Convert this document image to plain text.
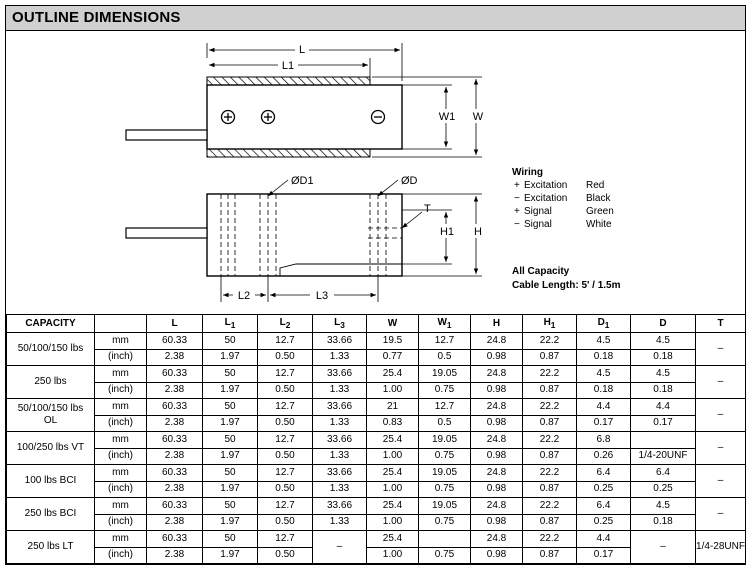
OUTLINE DIMENSIONS
L
L1
W1 W
ØD1	ØD
T
H1 H
L2	L3
Wiring
+ Excitation Red
− Excitation Black
+ Signal	Green
− Signal	White
All Capacity
Cable Length: 5' / 1.5m
CAPACITY		L	$L_1$	$L_2$	$L_3$	W	$W_1$	H	$H_1$	$D_1$	D	T
50/100/150 lbs	mm	60.33	50	12.7	33.66	19.5	12.7	24.8	22.2	4.5	4.5	–
	(inch)	2.38	1.97	0.50	1.33	0.77	0.5	0.98	0.87	0.18	0.18	
250 lbs	mm	60.33	50	12.7	33.66	25.4	19.05	24.8	22.2	4.5	4.5	–
	(inch)	2.38	1.97	0.50	1.33	1.00	0.75	0.98	0.87	0.18	0.18	
50/100/150 lbs
OL	mm	60.33	50	12.7	33.66	21	12.7	24.8	22.2	4.4	4.4	–
	(inch)	2.38	1.97	0.50	1.33	0.83	0.5	0.98	0.87	0.17	0.17	
100/250 lbs VT	mm	60.33	50	12.7	33.66	25.4	19.05	24.8	22.2	6.8		–
	(inch)	2.38	1.97	0.50	1.33	1.00	0.75	0.98	0.87	0.26	1/4-20UNF	
100 lbs BCI	mm	60.33	50	12.7	33.66	25.4	19.05	24.8	22.2	6.4	6.4	–
	(inch)	2.38	1.97	0.50	1.33	1.00	0.75	0.98	0.87	0.25	0.25	
250 lbs BCI	mm	60.33	50	12.7	33.66	25.4	19.05	24.8	22.2	6.4	4.5	–
	(inch)	2.38	1.97	0.50	1.33	1.00	0.75	0.98	0.87	0.25	0.18	
250 lbs LT	mm	60.33	50	12.7	–	25.4		24.8	22.2	4.4	–	1/4-28UNF
	(inch)	2.38	1.97	0.50		1.00	0.75	0.98	0.87	0.17		
